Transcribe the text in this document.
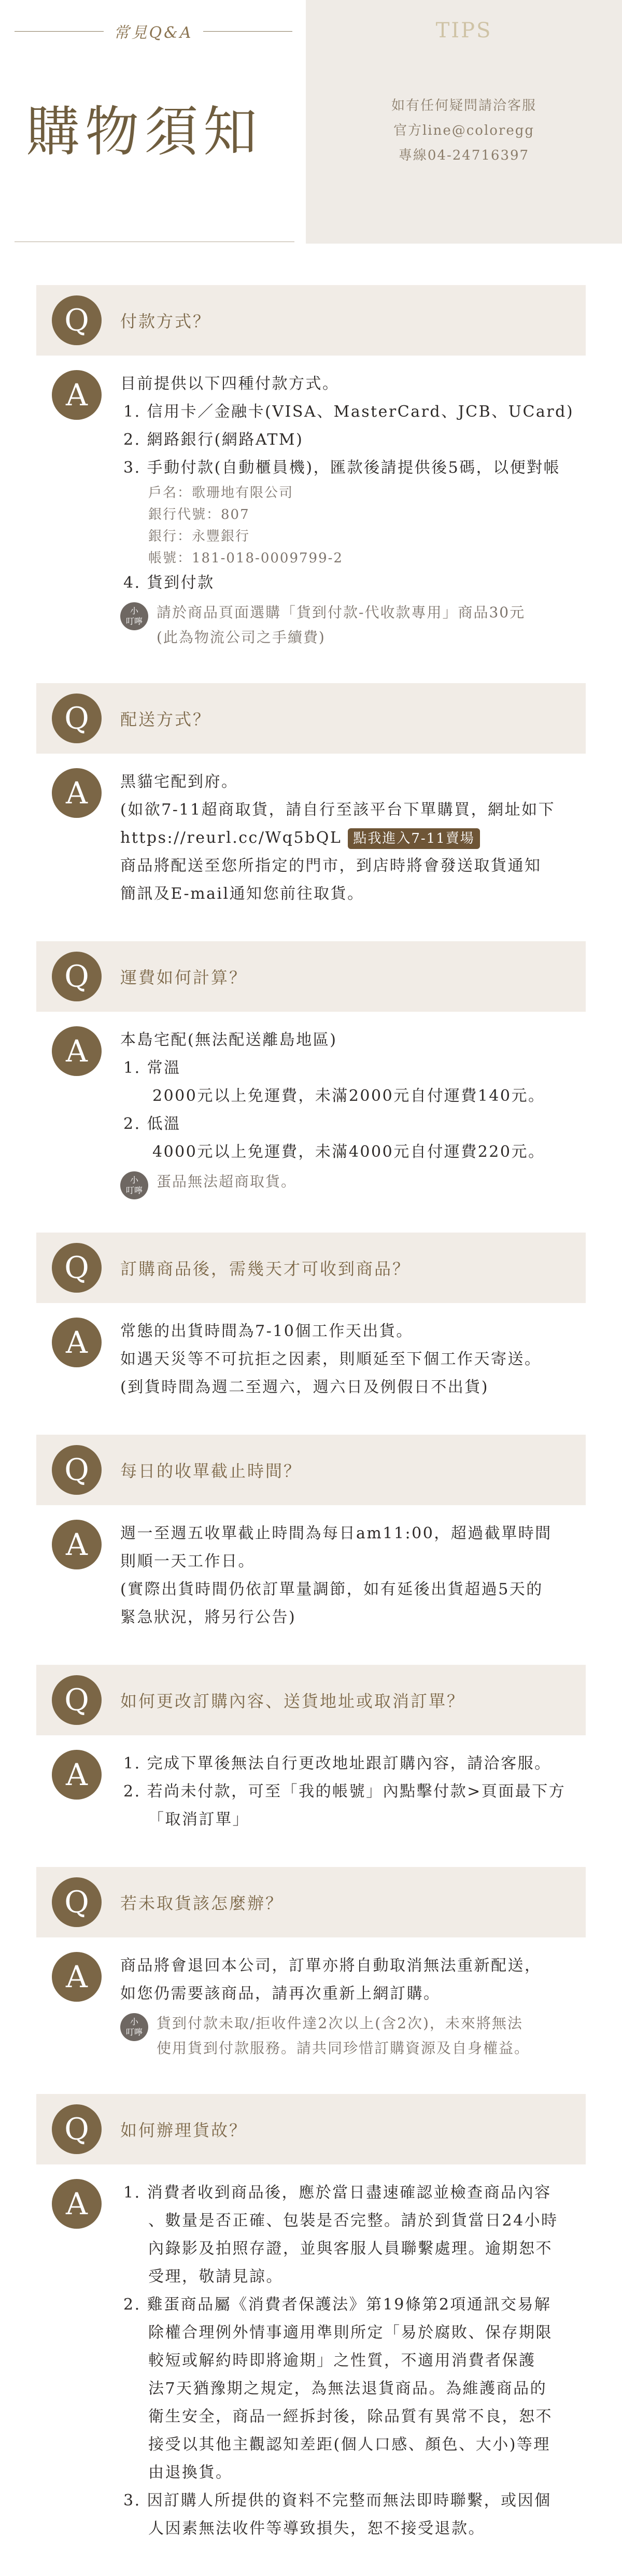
常見Q&A
購物須知
TIPS
如有任何疑問請洽客服
官方line@coloregg
專線04-24716397
Q	付款方式？
A	目前提供以下四種付款方式。
1. 信用卡／金融卡(VISA、MasterCard、JCB、UCard)
2. 網路銀行(網路ATM)
3. 手動付款(自動櫃員機)，匯款後請提供後5碼，以便對帳
戶名：歌珊地有限公司
銀行代號：807
銀行：永豐銀行
帳號：181-018-0009799-2
4. 貨到付款
小
叮嚀
請於商品頁面選購「貨到付款-代收款專用」商品30元
(此為物流公司之手續費)
Q	配送方式？
A	黑貓宅配到府。
(如欲7-11超商取貨，請自行至該平台下單購買，網址如下
https://reurl.cc/Wq5bQL 點我進入7-11賣場
商品將配送至您所指定的門市，到店時將會發送取貨通知
簡訊及E-mail通知您前往取貨。
Q	運費如何計算？
A	本島宅配(無法配送離島地區)
1. 常溫
2000元以上免運費，未滿2000元自付運費140元。
2. 低溫
4000元以上免運費，未滿4000元自付運費220元。
小
叮嚀
蛋品無法超商取貨。
Q	訂購商品後，需幾天才可收到商品？
A	常態的出貨時間為7-10個工作天出貨。
如遇天災等不可抗拒之因素，則順延至下個工作天寄送。
(到貨時間為週二至週六，週六日及例假日不出貨)
Q	每日的收單截止時間？
A	週一至週五收單截止時間為每日am11:00，超過截單時間
則順一天工作日。
(實際出貨時間仍依訂單量調節，如有延後出貨超過5天的
緊急狀況，將另行公告)
Q	如何更改訂購內容、送貨地址或取消訂單？
A	1. 完成下單後無法自行更改地址跟訂購內容，請洽客服。
2. 若尚未付款，可至「我的帳號」內點擊付款>頁面最下方
「取消訂單」
Q	若未取貨該怎麼辦？
A	商品將會退回本公司，訂單亦將自動取消無法重新配送，
如您仍需要該商品，請再次重新上網訂購。
小
叮嚀
貨到付款未取/拒收件達2次以上(含2次)，未來將無法
使用貨到付款服務。請共同珍惜訂購資源及自身權益。
Q	如何辦理貨故？
A	1. 消費者收到商品後，應於當日盡速確認並檢查商品內容
、數量是否正確、包裝是否完整。請於到貨當日24小時
內錄影及拍照存證，並與客服人員聯繫處理。逾期恕不
受理，敬請見諒。
2. 雞蛋商品屬《消費者保護法》第19條第2項通訊交易解
除權合理例外情事適用準則所定「易於腐敗、保存期限
較短或解約時即將逾期」之性質，不適用消費者保護
法7天猶豫期之規定，為無法退貨商品。為維護商品的
衛生安全，商品一經拆封後，除品質有異常不良，恕不
接受以其他主觀認知差距(個人口感、顏色、大小)等理
由退換貨。
3. 因訂購人所提供的資料不完整而無法即時聯繫，或因個
人因素無法收件等導致損失，恕不接受退款。
